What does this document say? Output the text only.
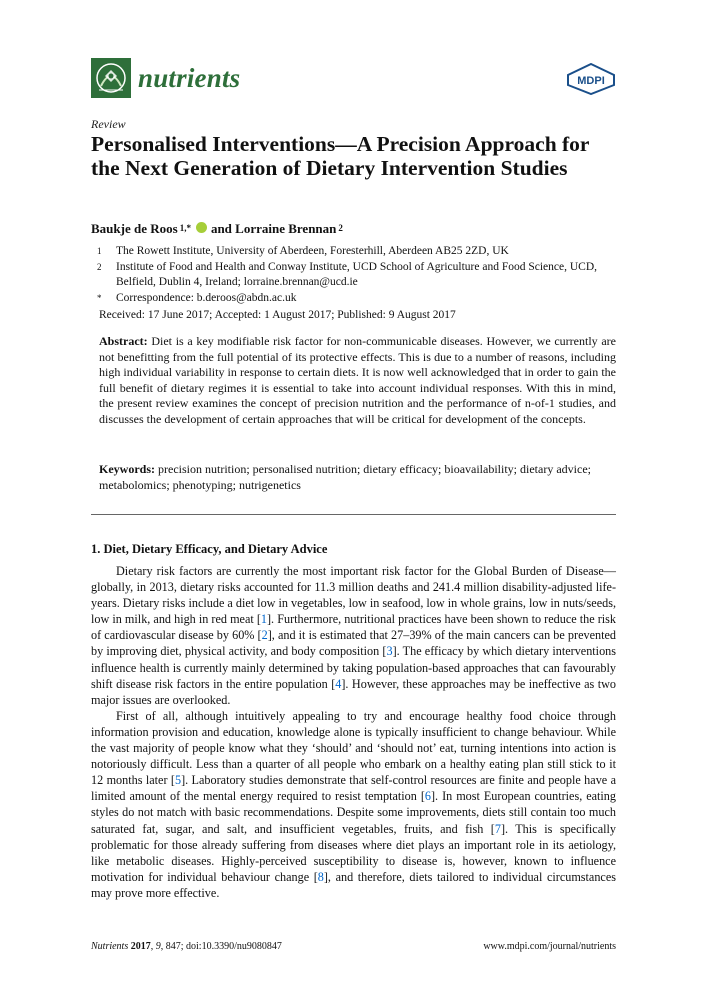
nutrients	MDPI
Review
Personalised Interventions—A Precision Approach for the Next Generation of Dietary Intervention Studies
Baukje de Roos$^{1,*}$ and Lorraine Brennan$^2$
1	The Rowett Institute, University of Aberdeen, Foresterhill, Aberdeen AB25 2ZD, UK
2	Institute of Food and Health and Conway Institute, UCD School of Agriculture and Food Science, UCD, Belfield, Dublin 4, Ireland; lorraine.brennan@ucd.ie
*	Correspondence: b.deroos@abdn.ac.uk
Received: 17 June 2017; Accepted: 1 August 2017; Published: 9 August 2017
Abstract: Diet is a key modifiable risk factor for non-communicable diseases. However, we currently are not benefitting from the full potential of its protective effects. This is due to a number of reasons, including high individual variability in response to certain diets. It is now well acknowledged that in order to gain the full benefit of dietary regimes it is essential to take into account individual responses. With this in mind, the present review examines the concept of precision nutrition and the performance of n-of-1 studies, and discusses the development of certain approaches that will be critical for development of the concepts.
Keywords: precision nutrition; personalised nutrition; dietary efficacy; bioavailability; dietary advice; metabolomics; phenotyping; nutrigenetics
1. Diet, Dietary Efficacy, and Dietary Advice

Dietary risk factors are currently the most important risk factor for the Global Burden of Disease—globally, in 2013, dietary risks accounted for 11.3 million deaths and 241.4 million disability-adjusted life-years. Dietary risks include a diet low in vegetables, low in seafood, low in whole grains, low in nuts/seeds, low in milk, and high in red meat [1]. Furthermore, nutritional practices have been shown to reduce the risk of cardiovascular disease by 60% [2], and it is estimated that 27–39% of the main cancers can be prevented by improving diet, physical activity, and body composition [3]. The efficacy by which dietary interventions influence health is currently mainly determined by taking population-based approaches that can favourably shift disease risk factors in the entire population [4]. However, these approaches may be ineffective as two major issues are overlooked.

First of all, although intuitively appealing to try and encourage healthy food choice through information provision and education, knowledge alone is typically insufficient to change behaviour. While the vast majority of people know what they ‘should’ and ‘should not’ eat, turning intentions into action is notoriously difficult. Less than a quarter of all people who embark on a healthy eating plan still stick to it 12 months later [5]. Laboratory studies demonstrate that self-control resources are finite and people have a limited amount of the mental energy required to resist temptation [6]. In most European countries, eating styles do not match with basic recommendations. Despite some improvements, diets still contain too much saturated fat, sugar, and salt, and insufficient vegetables, fruits, and fish [7]. This is specifically problematic for those already suffering from diseases where diet plays an important role in its aetiology, like metabolic diseases. Highly-perceived susceptibility to disease is, however, known to influence motivation for individual behaviour change [8], and therefore, diets tailored to individual circumstances may prove more effective.

Nutrients 2017, 9, 847; doi:10.3390/nu9080847	www.mdpi.com/journal/nutrients
